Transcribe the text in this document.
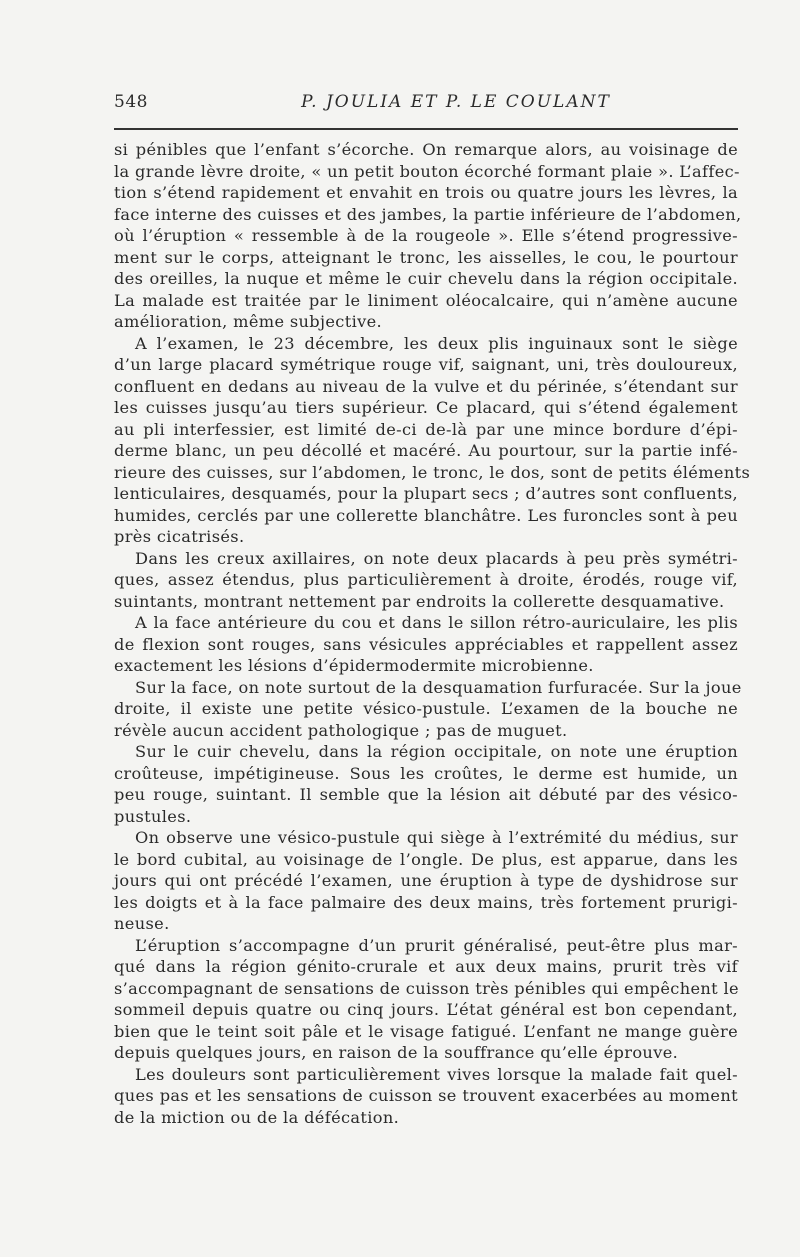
548	P. JOULIA ET P. LE COULANT
si pénibles que l’enfant s’écorche. On remarque alors, au voisinage de
la grande lèvre droite, « un petit bouton écorché formant plaie ». L’affec-
tion s’étend rapidement et envahit en trois ou quatre jours les lèvres, la
face interne des cuisses et des jambes, la partie inférieure de l’abdomen,
où l’éruption « ressemble à de la rougeole ». Elle s’étend progressive-
ment sur le corps, atteignant le tronc, les aisselles, le cou, le pourtour
des oreilles, la nuque et même le cuir chevelu dans la région occipitale.
La malade est traitée par le liniment oléocalcaire, qui n’amène aucune
amélioration, même subjective.
A l’examen, le 23 décembre, les deux plis inguinaux sont le siège
d’un large placard symétrique rouge vif, saignant, uni, très douloureux,
confluent en dedans au niveau de la vulve et du périnée, s’étendant sur
les cuisses jusqu’au tiers supérieur. Ce placard, qui s’étend également
au pli interfessier, est limité de-ci de-là par une mince bordure d’épi-
derme blanc, un peu décollé et macéré. Au pourtour, sur la partie infé-
rieure des cuisses, sur l’abdomen, le tronc, le dos, sont de petits éléments
lenticulaires, desquamés, pour la plupart secs ; d’autres sont confluents,
humides, cerclés par une collerette blanchâtre. Les furoncles sont à peu
près cicatrisés.
Dans les creux axillaires, on note deux placards à peu près symétri-
ques, assez étendus, plus particulièrement à droite, érodés, rouge vif,
suintants, montrant nettement par endroits la collerette desquamative.
A la face antérieure du cou et dans le sillon rétro-auriculaire, les plis
de flexion sont rouges, sans vésicules appréciables et rappellent assez
exactement les lésions d’épidermodermite microbienne.
Sur la face, on note surtout de la desquamation furfuracée. Sur la joue
droite, il existe une petite vésico-pustule. L’examen de la bouche ne
révèle aucun accident pathologique ; pas de muguet.
Sur le cuir chevelu, dans la région occipitale, on note une éruption
croûteuse, impétigineuse. Sous les croûtes, le derme est humide, un
peu rouge, suintant. Il semble que la lésion ait débuté par des vésico-
pustules.
On observe une vésico-pustule qui siège à l’extrémité du médius, sur
le bord cubital, au voisinage de l’ongle. De plus, est apparue, dans les
jours qui ont précédé l’examen, une éruption à type de dyshidrose sur
les doigts et à la face palmaire des deux mains, très fortement prurigi-
neuse.
L’éruption s’accompagne d’un prurit généralisé, peut-être plus mar-
qué dans la région génito-crurale et aux deux mains, prurit très vif
s’accompagnant de sensations de cuisson très pénibles qui empêchent le
sommeil depuis quatre ou cinq jours. L’état général est bon cependant,
bien que le teint soit pâle et le visage fatigué. L’enfant ne mange guère
depuis quelques jours, en raison de la souffrance qu’elle éprouve.
Les douleurs sont particulièrement vives lorsque la malade fait quel-
ques pas et les sensations de cuisson se trouvent exacerbées au moment
de la miction ou de la défécation.
